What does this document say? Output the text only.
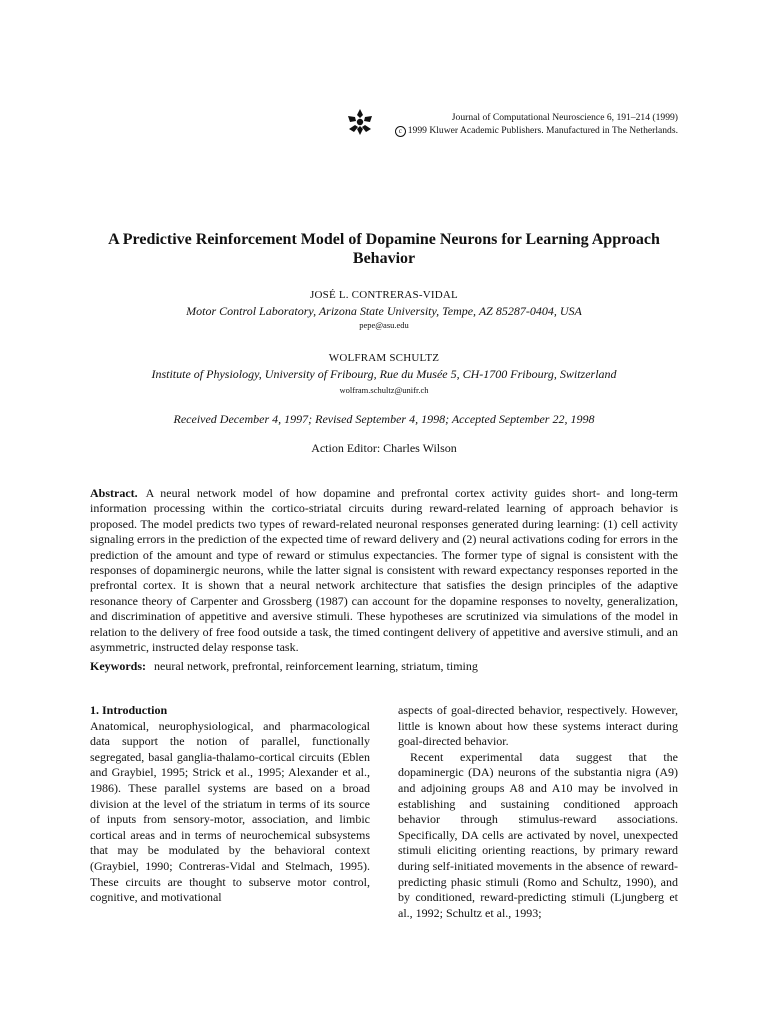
Journal of Computational Neuroscience 6, 191–214 (1999)
c 1999 Kluwer Academic Publishers. Manufactured in The Netherlands.
A Predictive Reinforcement Model of Dopamine Neurons for Learning Approach Behavior

JOSÉ L. CONTRERAS-VIDAL

Motor Control Laboratory, Arizona State University, Tempe, AZ 85287-0404, USA

pepe@asu.edu

WOLFRAM SCHULTZ

Institute of Physiology, University of Fribourg, Rue du Musée 5, CH-1700 Fribourg, Switzerland

wolfram.schultz@unifr.ch

Received December 4, 1997; Revised September 4, 1998; Accepted September 22, 1998

Action Editor: Charles Wilson

Abstract. A neural network model of how dopamine and prefrontal cortex activity guides short- and long-term information processing within the cortico-striatal circuits during reward-related learning of approach behavior is proposed. The model predicts two types of reward-related neuronal responses generated during learning: (1) cell activity signaling errors in the prediction of the expected time of reward delivery and (2) neural activations coding for errors in the prediction of the amount and type of reward or stimulus expectancies. The former type of signal is consistent with the responses of dopaminergic neurons, while the latter signal is consistent with reward expectancy responses reported in the prefrontal cortex. It is shown that a neural network architecture that satisfies the design principles of the adaptive resonance theory of Carpenter and Grossberg (1987) can account for the dopamine responses to novelty, generalization, and discrimination of appetitive and aversive stimuli. These hypotheses are scrutinized via simulations of the model in relation to the delivery of free food outside a task, the timed contingent delivery of appetitive and aversive stimuli, and an asymmetric, instructed delay response task.

Keywords: neural network, prefrontal, reinforcement learning, striatum, timing

1. Introduction

Anatomical, neurophysiological, and pharmacological data support the notion of parallel, functionally segregated, basal ganglia-thalamo-cortical circuits (Eblen and Graybiel, 1995; Strick et al., 1995; Alexander et al., 1986). These parallel systems are based on a broad division at the level of the striatum in terms of its source of inputs from sensory-motor, association, and limbic cortical areas and in terms of neurochemical subsystems that may be modulated by the behavioral context (Graybiel, 1990; Contreras-Vidal and Stelmach, 1995). These circuits are thought to subserve motor control, cognitive, and motivational

aspects of goal-directed behavior, respectively. However, little is known about how these systems interact during goal-directed behavior.

Recent experimental data suggest that the dopaminergic (DA) neurons of the substantia nigra (A9) and adjoining groups A8 and A10 may be involved in establishing and sustaining conditioned approach behavior through stimulus-reward associations. Specifically, DA cells are activated by novel, unexpected stimuli eliciting orienting reactions, by primary reward during self-initiated movements in the absence of reward-predicting phasic stimuli (Romo and Schultz, 1990), and by conditioned, reward-predicting stimuli (Ljungberg et al., 1992; Schultz et al., 1993;
